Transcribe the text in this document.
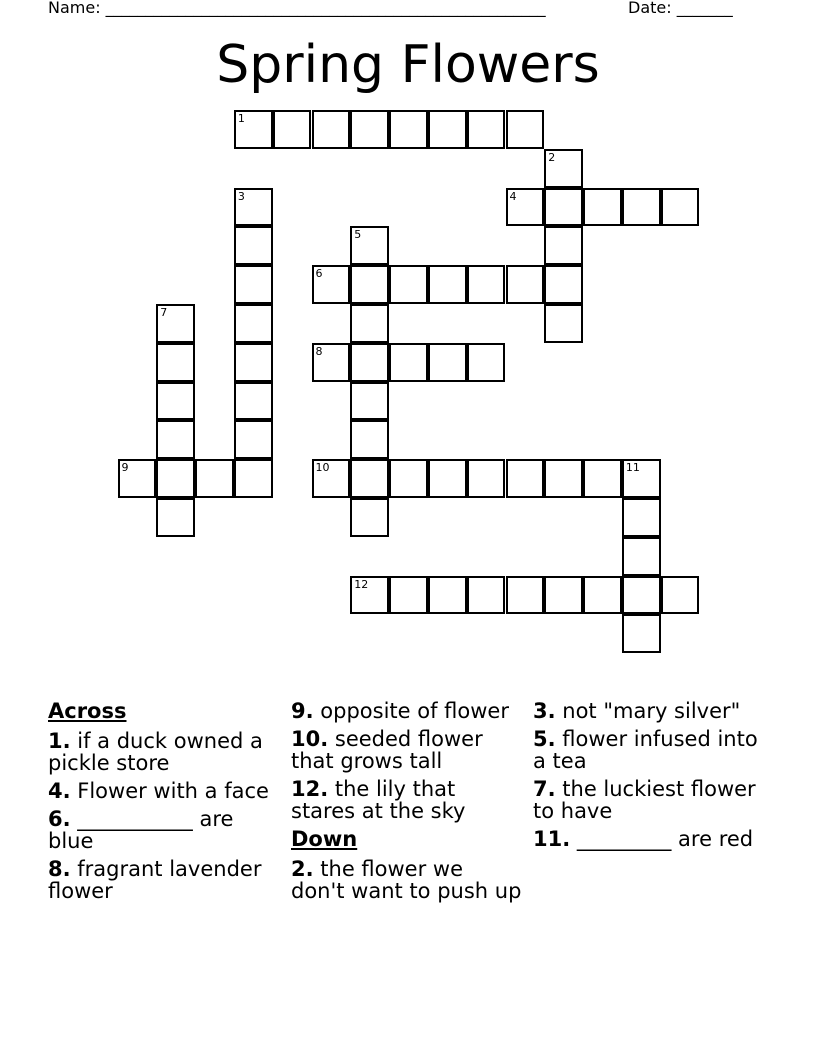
Name: _______________________________________________________	Date: _______
Spring Flowers
1
2
3	4
5
6
7
8
9	10	11
12
Across
1. if a duck owned a pickle store
4. Flower with a face
6. ___________ are blue
8. fragrant lavender flower
9. opposite of flower
10. seeded flower that grows tall
12. the lily that stares at the sky
Down
2. the flower we don't want to push up
3. not "mary silver"
5. flower infused into a tea
7. the luckiest flower to have
11. _________ are red
